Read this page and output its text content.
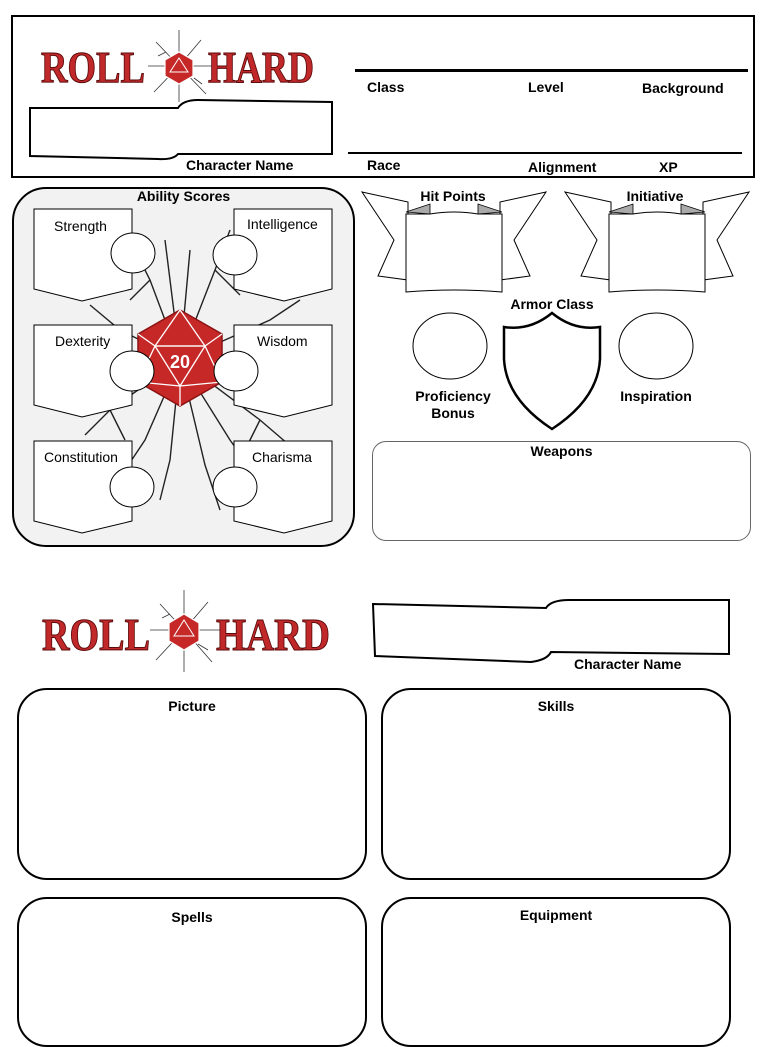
ROLL HARD
Character Name
Class	Level	Background
Race	Alignment	XP
Ability Scores
20
Strength	Intelligence
Dexterity	Wisdom
Constitution	Charisma
Hit Points	Initiative
Armor Class
Proficiency
Bonus
Inspiration
Weapons
ROLL HARD
Character Name
Picture	Skills
Spells	Equipment
